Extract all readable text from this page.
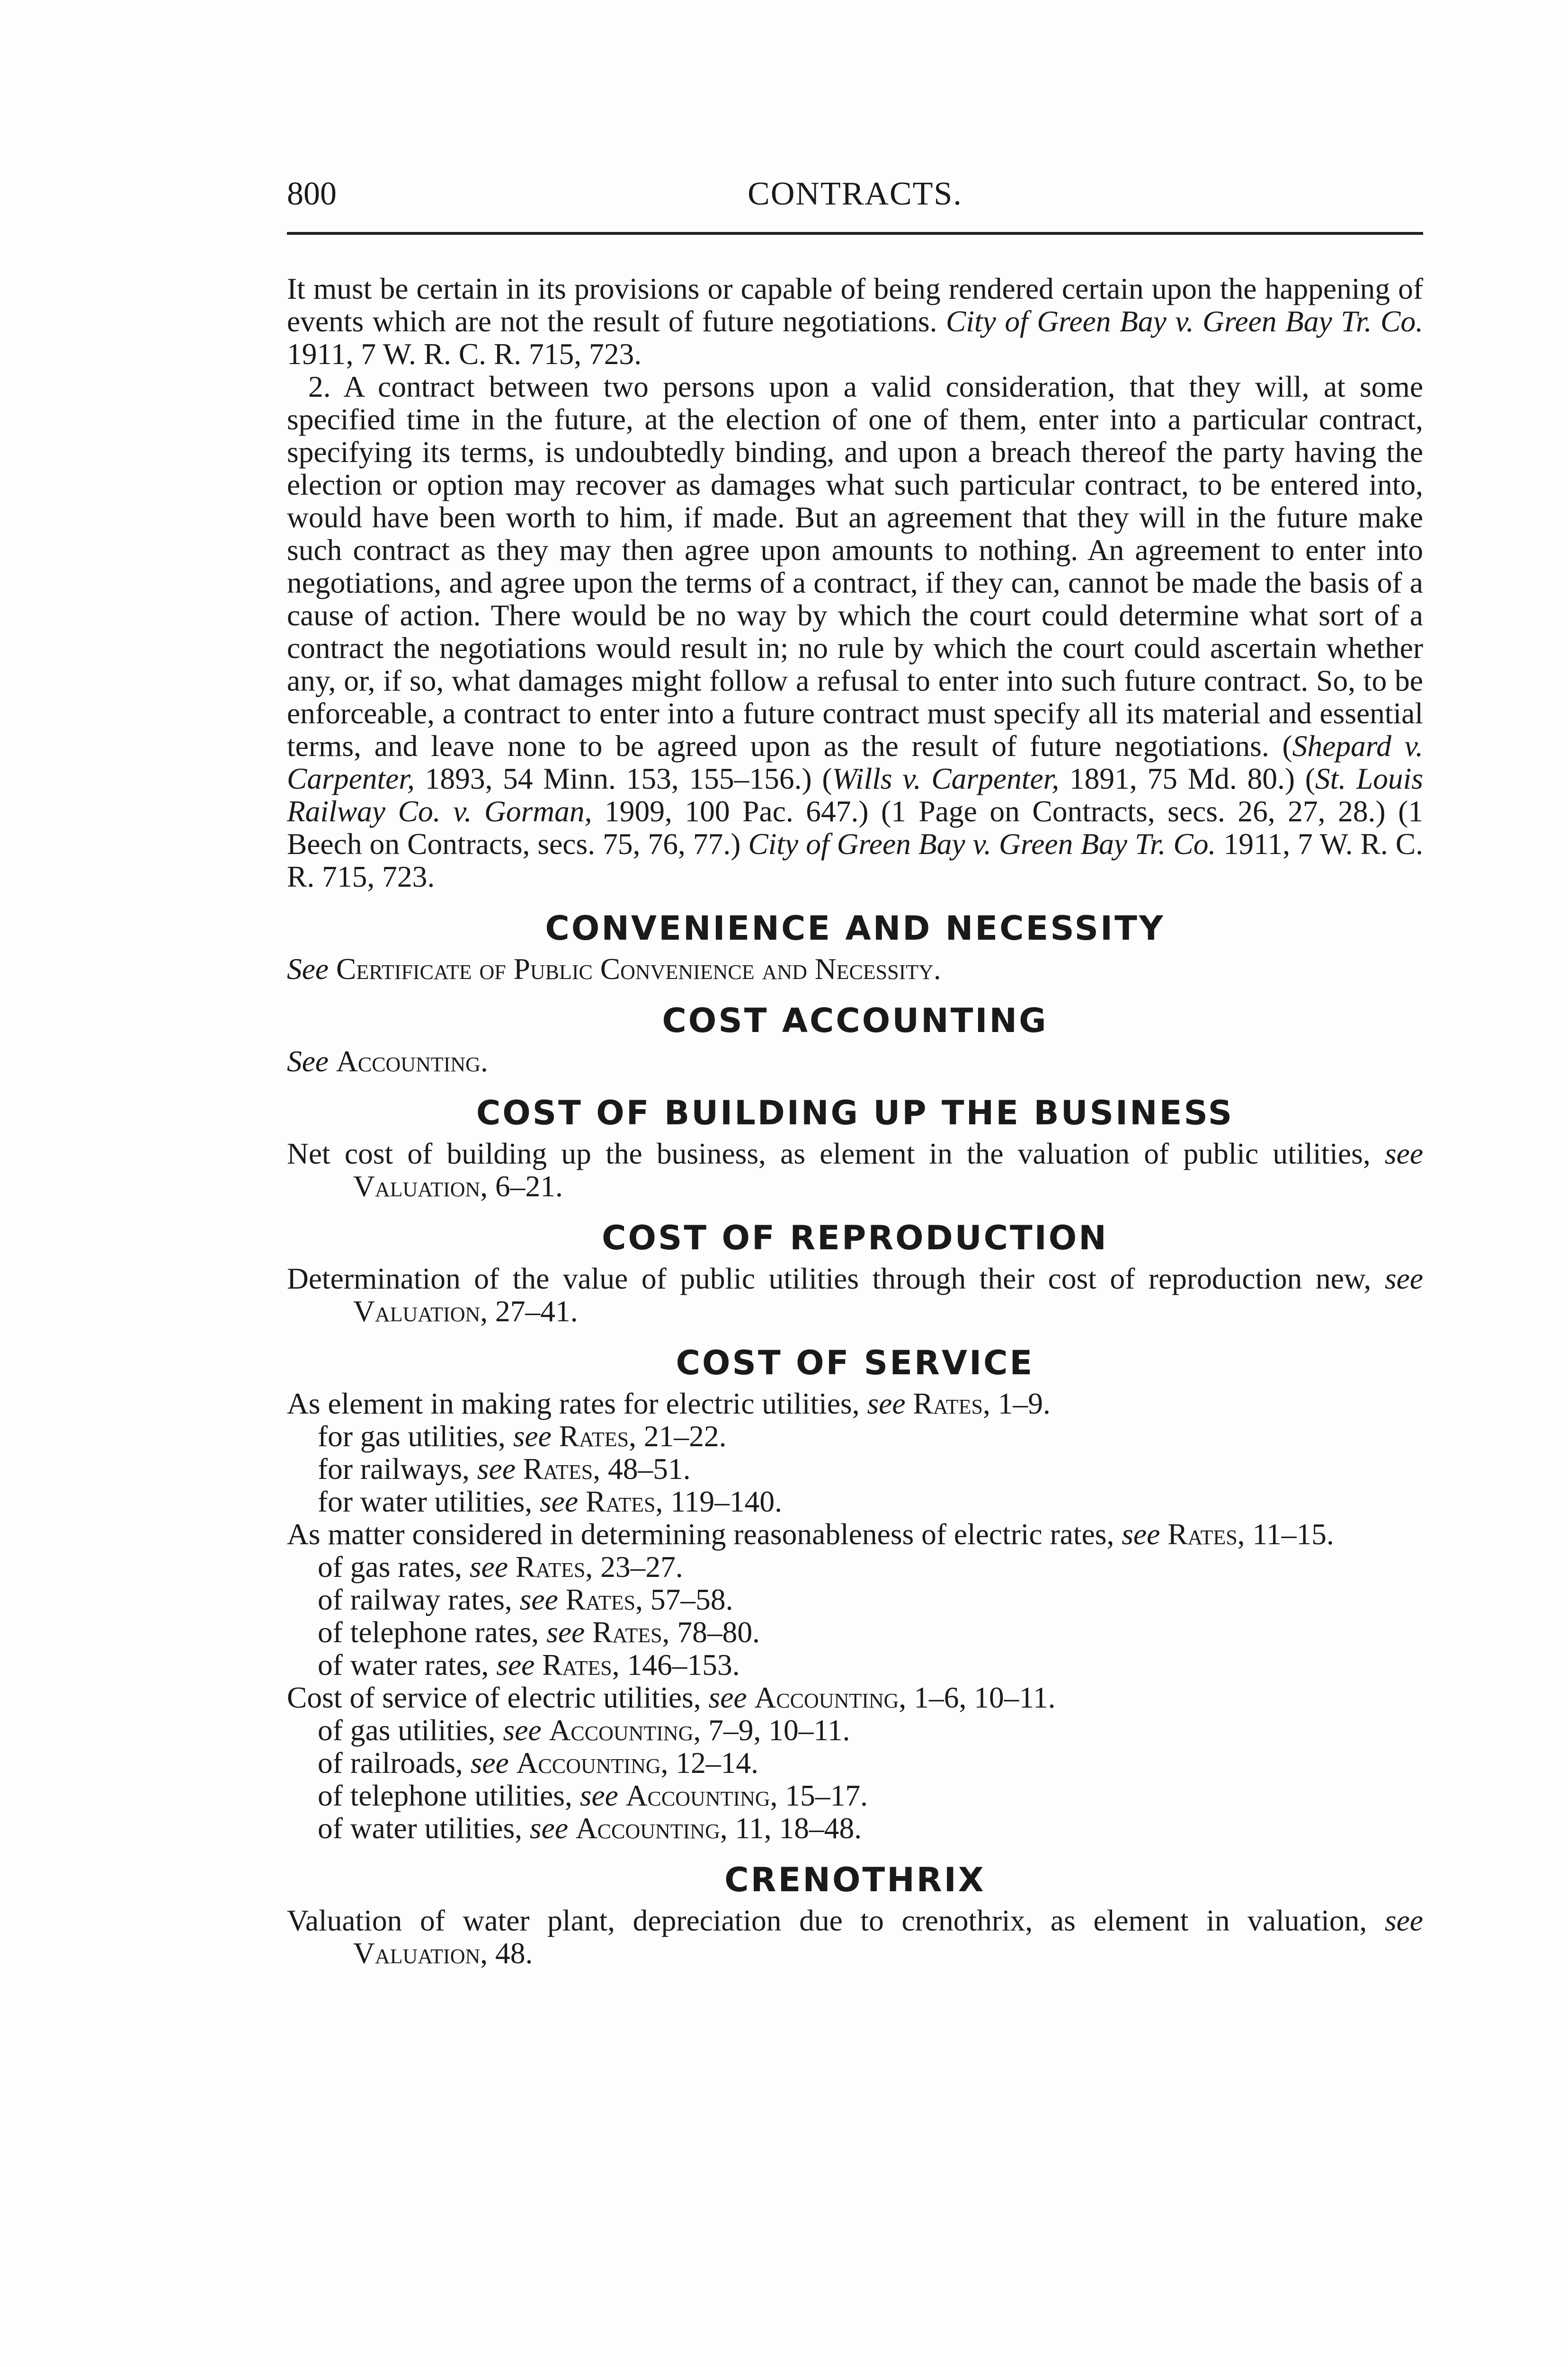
800	CONTRACTS.

It must be certain in its provisions or capable of being rendered certain upon the happening of events which are not the result of future negotiations. City of Green Bay v. Green Bay Tr. Co. 1911, 7 W. R. C. R. 715, 723.

2. A contract between two persons upon a valid consideration, that they will, at some specified time in the future, at the election of one of them, enter into a particular contract, specifying its terms, is undoubtedly binding, and upon a breach thereof the party having the election or option may recover as damages what such particular contract, to be entered into, would have been worth to him, if made. But an agreement that they will in the future make such contract as they may then agree upon amounts to nothing. An agreement to enter into negotiations, and agree upon the terms of a contract, if they can, cannot be made the basis of a cause of action. There would be no way by which the court could determine what sort of a contract the negotiations would result in; no rule by which the court could ascertain whether any, or, if so, what damages might follow a refusal to enter into such future contract. So, to be enforceable, a contract to enter into a future contract must specify all its material and essential terms, and leave none to be agreed upon as the result of future negotiations. (Shepard v. Carpenter, 1893, 54 Minn. 153, 155–156.) (Wills v. Carpenter, 1891, 75 Md. 80.) (St. Louis Railway Co. v. Gorman, 1909, 100 Pac. 647.) (1 Page on Contracts, secs. 26, 27, 28.) (1 Beech on Contracts, secs. 75, 76, 77.) City of Green Bay v. Green Bay Tr. Co. 1911, 7 W. R. C. R. 715, 723.

CONVENIENCE AND NECESSITY

See Certificate of Public Convenience and Necessity.

COST ACCOUNTING

See Accounting.

COST OF BUILDING UP THE BUSINESS

Net cost of building up the business, as element in the valuation of public utilities, see Valuation, 6–21.

COST OF REPRODUCTION

Determination of the value of public utilities through their cost of reproduction new, see Valuation, 27–41.

COST OF SERVICE

As element in making rates for electric utilities, see Rates, 1–9.

for gas utilities, see Rates, 21–22.

for railways, see Rates, 48–51.

for water utilities, see Rates, 119–140.

As matter considered in determining reasonableness of electric rates, see Rates, 11–15.

of gas rates, see Rates, 23–27.

of railway rates, see Rates, 57–58.

of telephone rates, see Rates, 78–80.

of water rates, see Rates, 146–153.

Cost of service of electric utilities, see Accounting, 1–6, 10–11.

of gas utilities, see Accounting, 7–9, 10–11.

of railroads, see Accounting, 12–14.

of telephone utilities, see Accounting, 15–17.

of water utilities, see Accounting, 11, 18–48.

CRENOTHRIX

Valuation of water plant, depreciation due to crenothrix, as element in valuation, see Valuation, 48.
